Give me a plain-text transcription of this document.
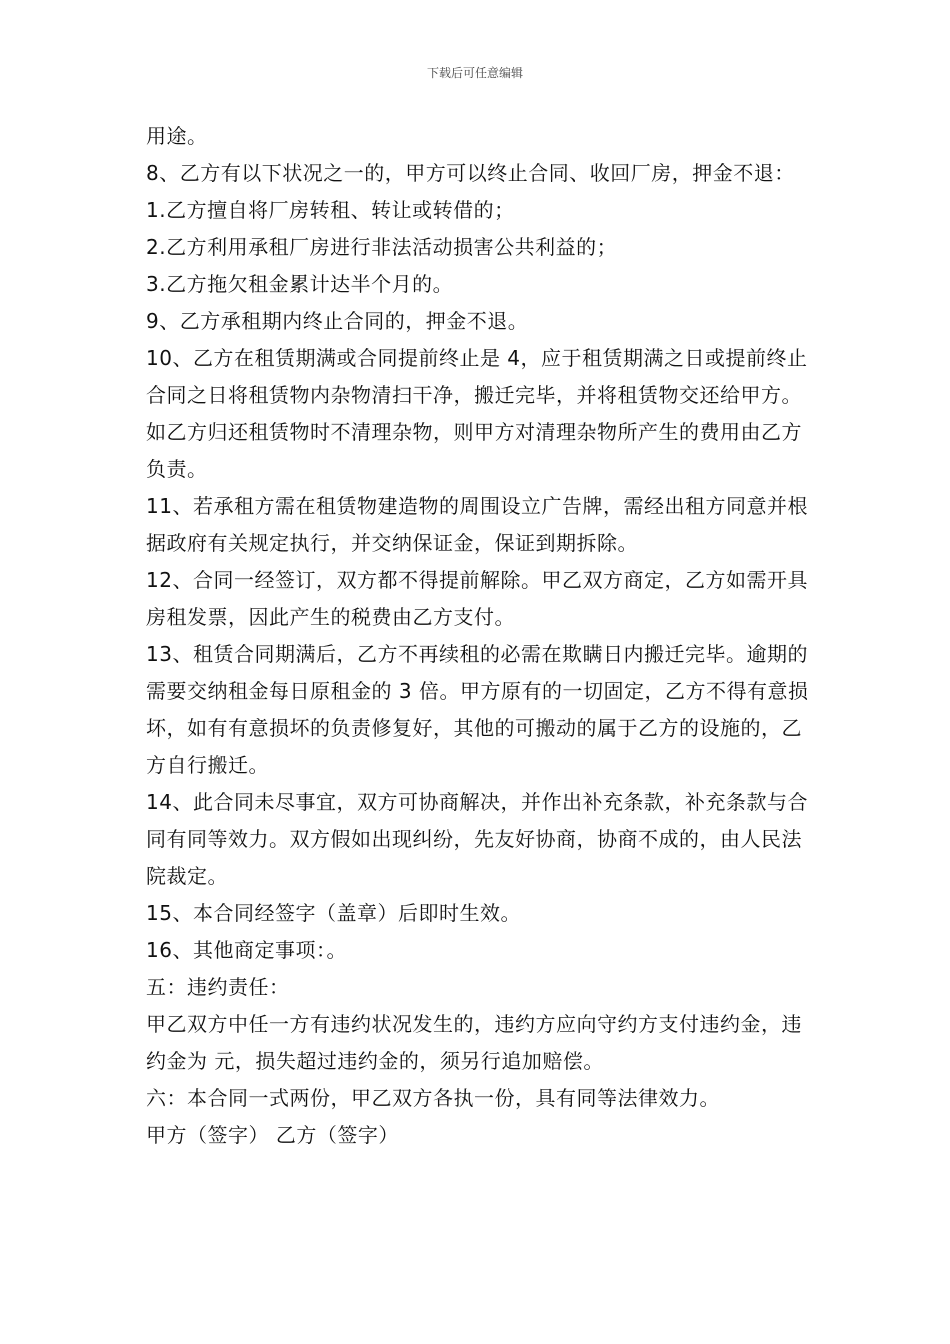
下载后可任意编辑

用途。

8、乙方有以下状况之一的，甲方可以终止合同、收回厂房，押金不退：

1.乙方擅自将厂房转租、转让或转借的；

2.乙方利用承租厂房进行非法活动损害公共利益的；

3.乙方拖欠租金累计达半个月的。

9、乙方承租期内终止合同的，押金不退。

10、乙方在租赁期满或合同提前终止是 4，应于租赁期满之日或提前终止合同之日将租赁物内杂物清扫干净，搬迁完毕，并将租赁物交还给甲方。如乙方归还租赁物时不清理杂物，则甲方对清理杂物所产生的费用由乙方负责。

11、若承租方需在租赁物建造物的周围设立广告牌，需经出租方同意并根据政府有关规定执行，并交纳保证金，保证到期拆除。

12、合同一经签订，双方都不得提前解除。甲乙双方商定，乙方如需开具房租发票，因此产生的税费由乙方支付。

13、租赁合同期满后，乙方不再续租的必需在欺瞒日内搬迁完毕。逾期的需要交纳租金每日原租金的 3 倍。甲方原有的一切固定，乙方不得有意损坏，如有有意损坏的负责修复好，其他的可搬动的属于乙方的设施的，乙方自行搬迁。

14、此合同未尽事宜，双方可协商解决，并作出补充条款，补充条款与合同有同等效力。双方假如出现纠纷，先友好协商，协商不成的，由人民法院裁定。

15、本合同经签字（盖章）后即时生效。

16、其他商定事项：。

五：违约责任：

甲乙双方中任一方有违约状况发生的，违约方应向守约方支付违约金，违约金为 元，损失超过违约金的，须另行追加赔偿。

六：本合同一式两份，甲乙双方各执一份，具有同等法律效力。

甲方（签字） 乙方（签字）
